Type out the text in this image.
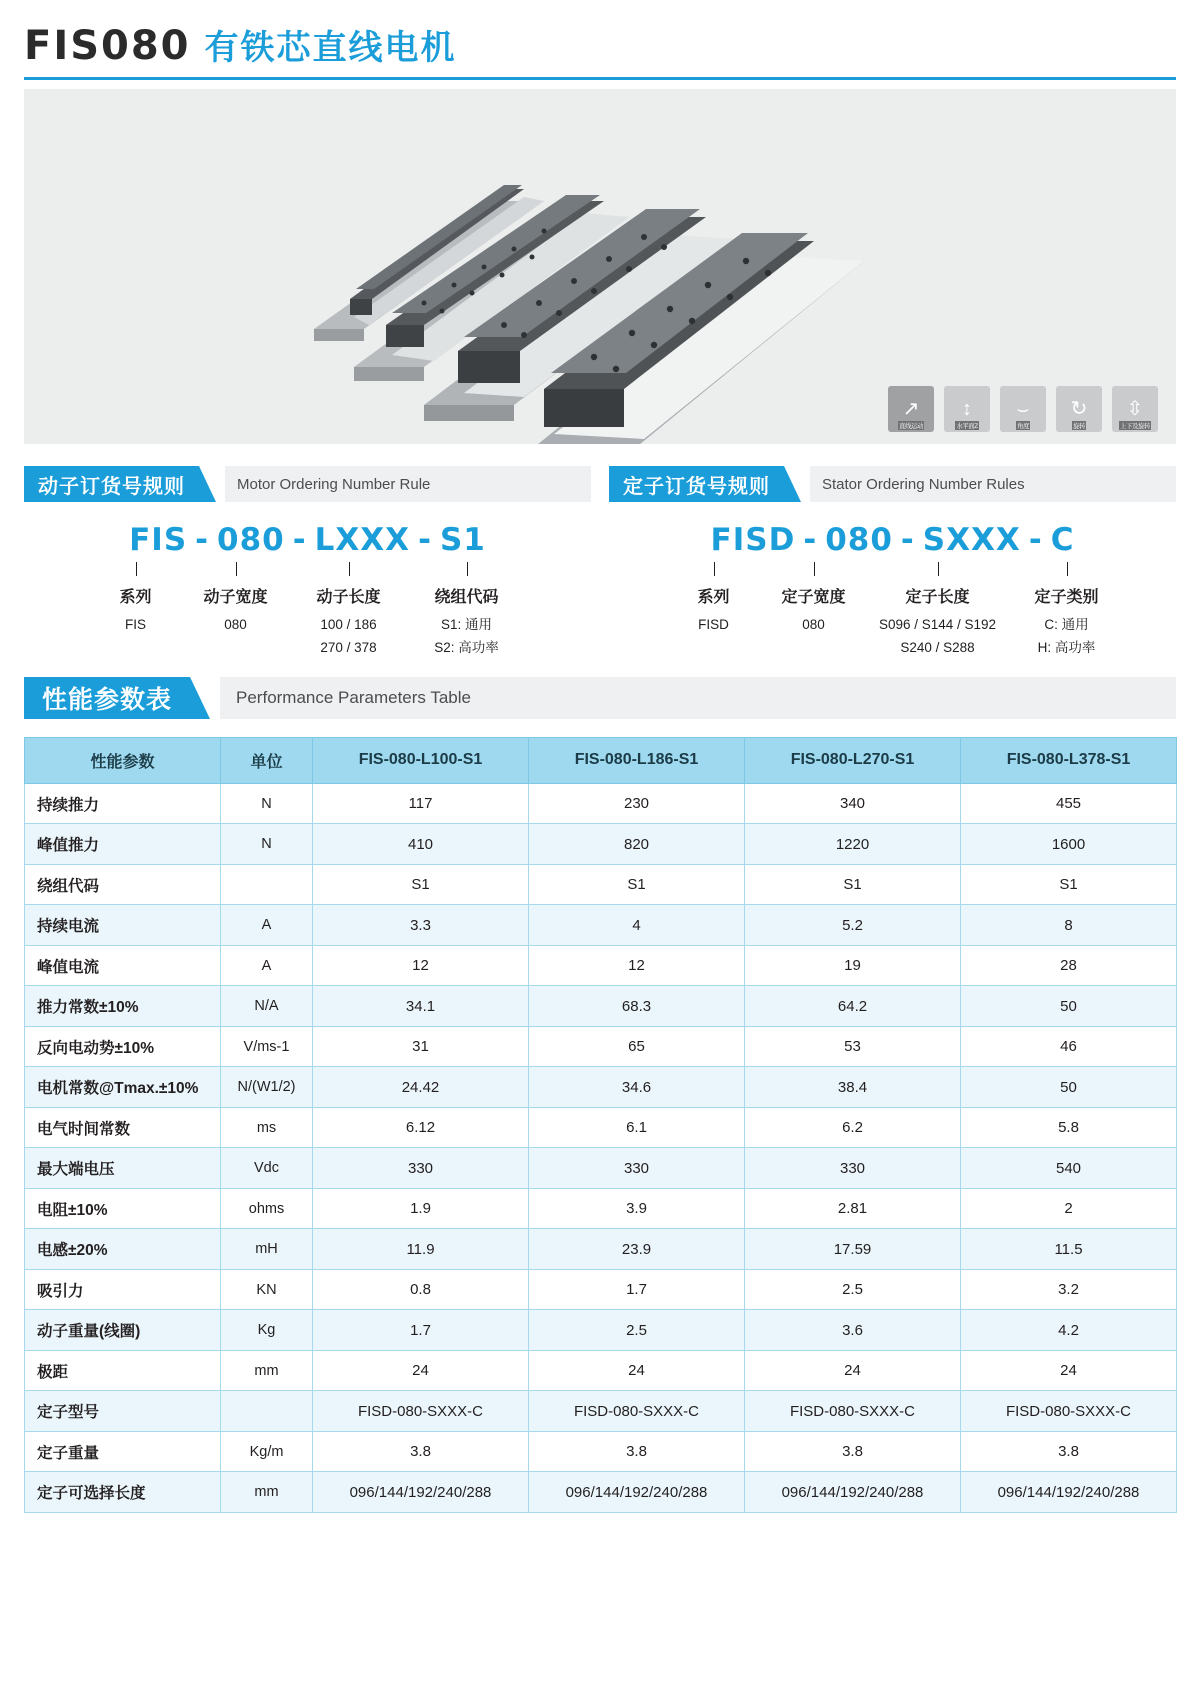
FIS080 有铁芯直线电机
↗
直线运动
↕
水平面Z
⌣
角度
↻
旋转
⇳
上下及旋转
动子订货号规则	Motor Ordering Number Rule
FIS - 080 - LXXX - S1
系列
FIS
动子宽度
080
动子长度
100 / 186
270 / 378
绕组代码
S1: 通用
S2: 高功率
定子订货号规则	Stator Ordering Number Rules
FISD - 080 - SXXX - C
系列
FISD
定子宽度
080
定子长度
S096 / S144 / S192
S240 / S288
定子类别
C: 通用
H: 高功率
性能参数表	Performance Parameters Table
性能参数	单位	FIS-080-L100-S1	FIS-080-L186-S1	FIS-080-L270-S1	FIS-080-L378-S1
持续推力	N	117	230	340	455
峰值推力	N	410	820	1220	1600
绕组代码		S1	S1	S1	S1
持续电流	A	3.3	4	5.2	8
峰值电流	A	12	12	19	28
推力常数±10%	N/A	34.1	68.3	64.2	50
反向电动势±10%	V/ms-1	31	65	53	46
电机常数@Tmax.±10%	N/(W1/2)	24.42	34.6	38.4	50
电气时间常数	ms	6.12	6.1	6.2	5.8
最大端电压	Vdc	330	330	330	540
电阻±10%	ohms	1.9	3.9	2.81	2
电感±20%	mH	11.9	23.9	17.59	11.5
吸引力	KN	0.8	1.7	2.5	3.2
动子重量(线圈)	Kg	1.7	2.5	3.6	4.2
极距	mm	24	24	24	24
定子型号		FISD-080-SXXX-C	FISD-080-SXXX-C	FISD-080-SXXX-C	FISD-080-SXXX-C
定子重量	Kg/m	3.8	3.8	3.8	3.8
定子可选择长度	mm	096/144/192/240/288	096/144/192/240/288	096/144/192/240/288	096/144/192/240/288
